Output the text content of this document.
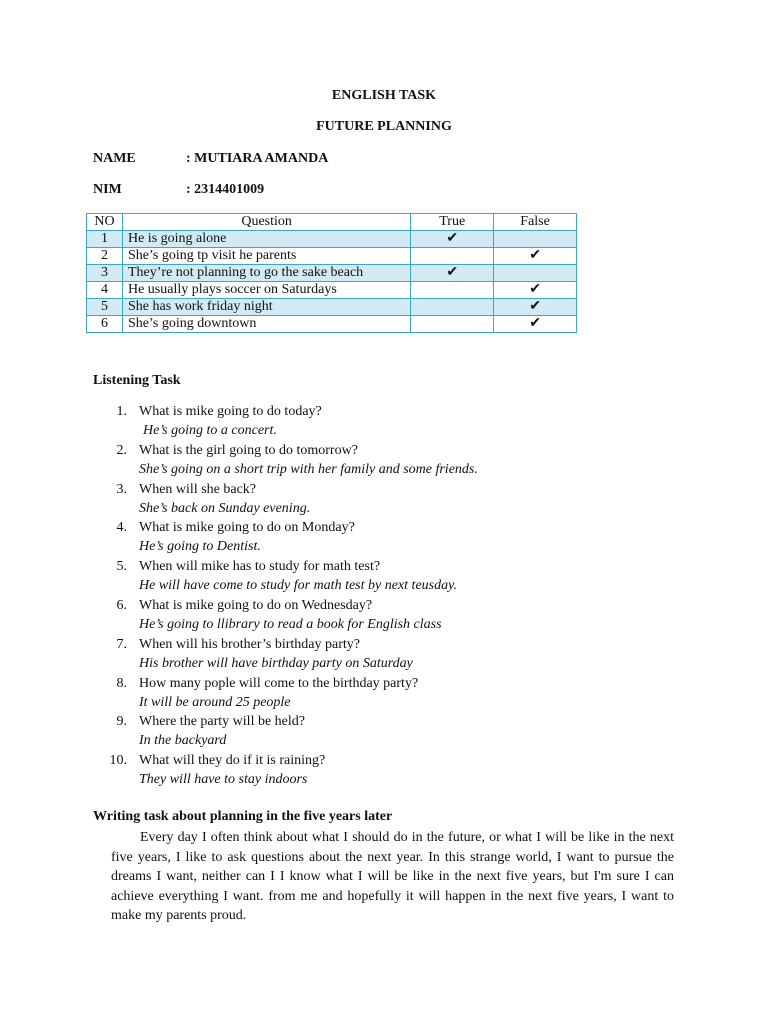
ENGLISH TASK
FUTURE PLANNING
NAME	: MUTIARA AMANDA
NIM	: 2314401009
NO	Question	True	False
1	He is going alone	✔	
2	She’s going tp visit he parents		✔
3	They’re not planning to go the sake beach	✔	
4	He usually plays soccer on Saturdays		✔
5	She has work friday night		✔
6	She’s going downtown		✔
Listening Task
1. What is mike going to do today?
He’s going to a concert.
2. What is the girl going to do tomorrow?
She’s going on a short trip with her family and some friends.
3. When will she back?
She’s back on Sunday evening.
4. What is mike going to do on Monday?
He’s going to Dentist.
5. When will mike has to study for math test?
He will have come to study for math test by next teusday.
6. What is mike going to do on Wednesday?
He’s going to llibrary to read a book for English class
7. When will his brother’s birthday party?
His brother will have birthday party on Saturday
8. How many pople will come to the birthday party?
It will be around 25 people
9. Where the party will be held?
In the backyard
10. What will they do if it is raining?
They will have to stay indoors
Writing task about planning in the five years later

Every day I often think about what I should do in the future, or what I will be like in the next five years, I like to ask questions about the next year. In this strange world, I want to pursue the dreams I want, neither can I I know what I will be like in the next five years, but I'm sure I can achieve everything I want. from me and hopefully it will happen in the next five years, I want to make my parents proud.
